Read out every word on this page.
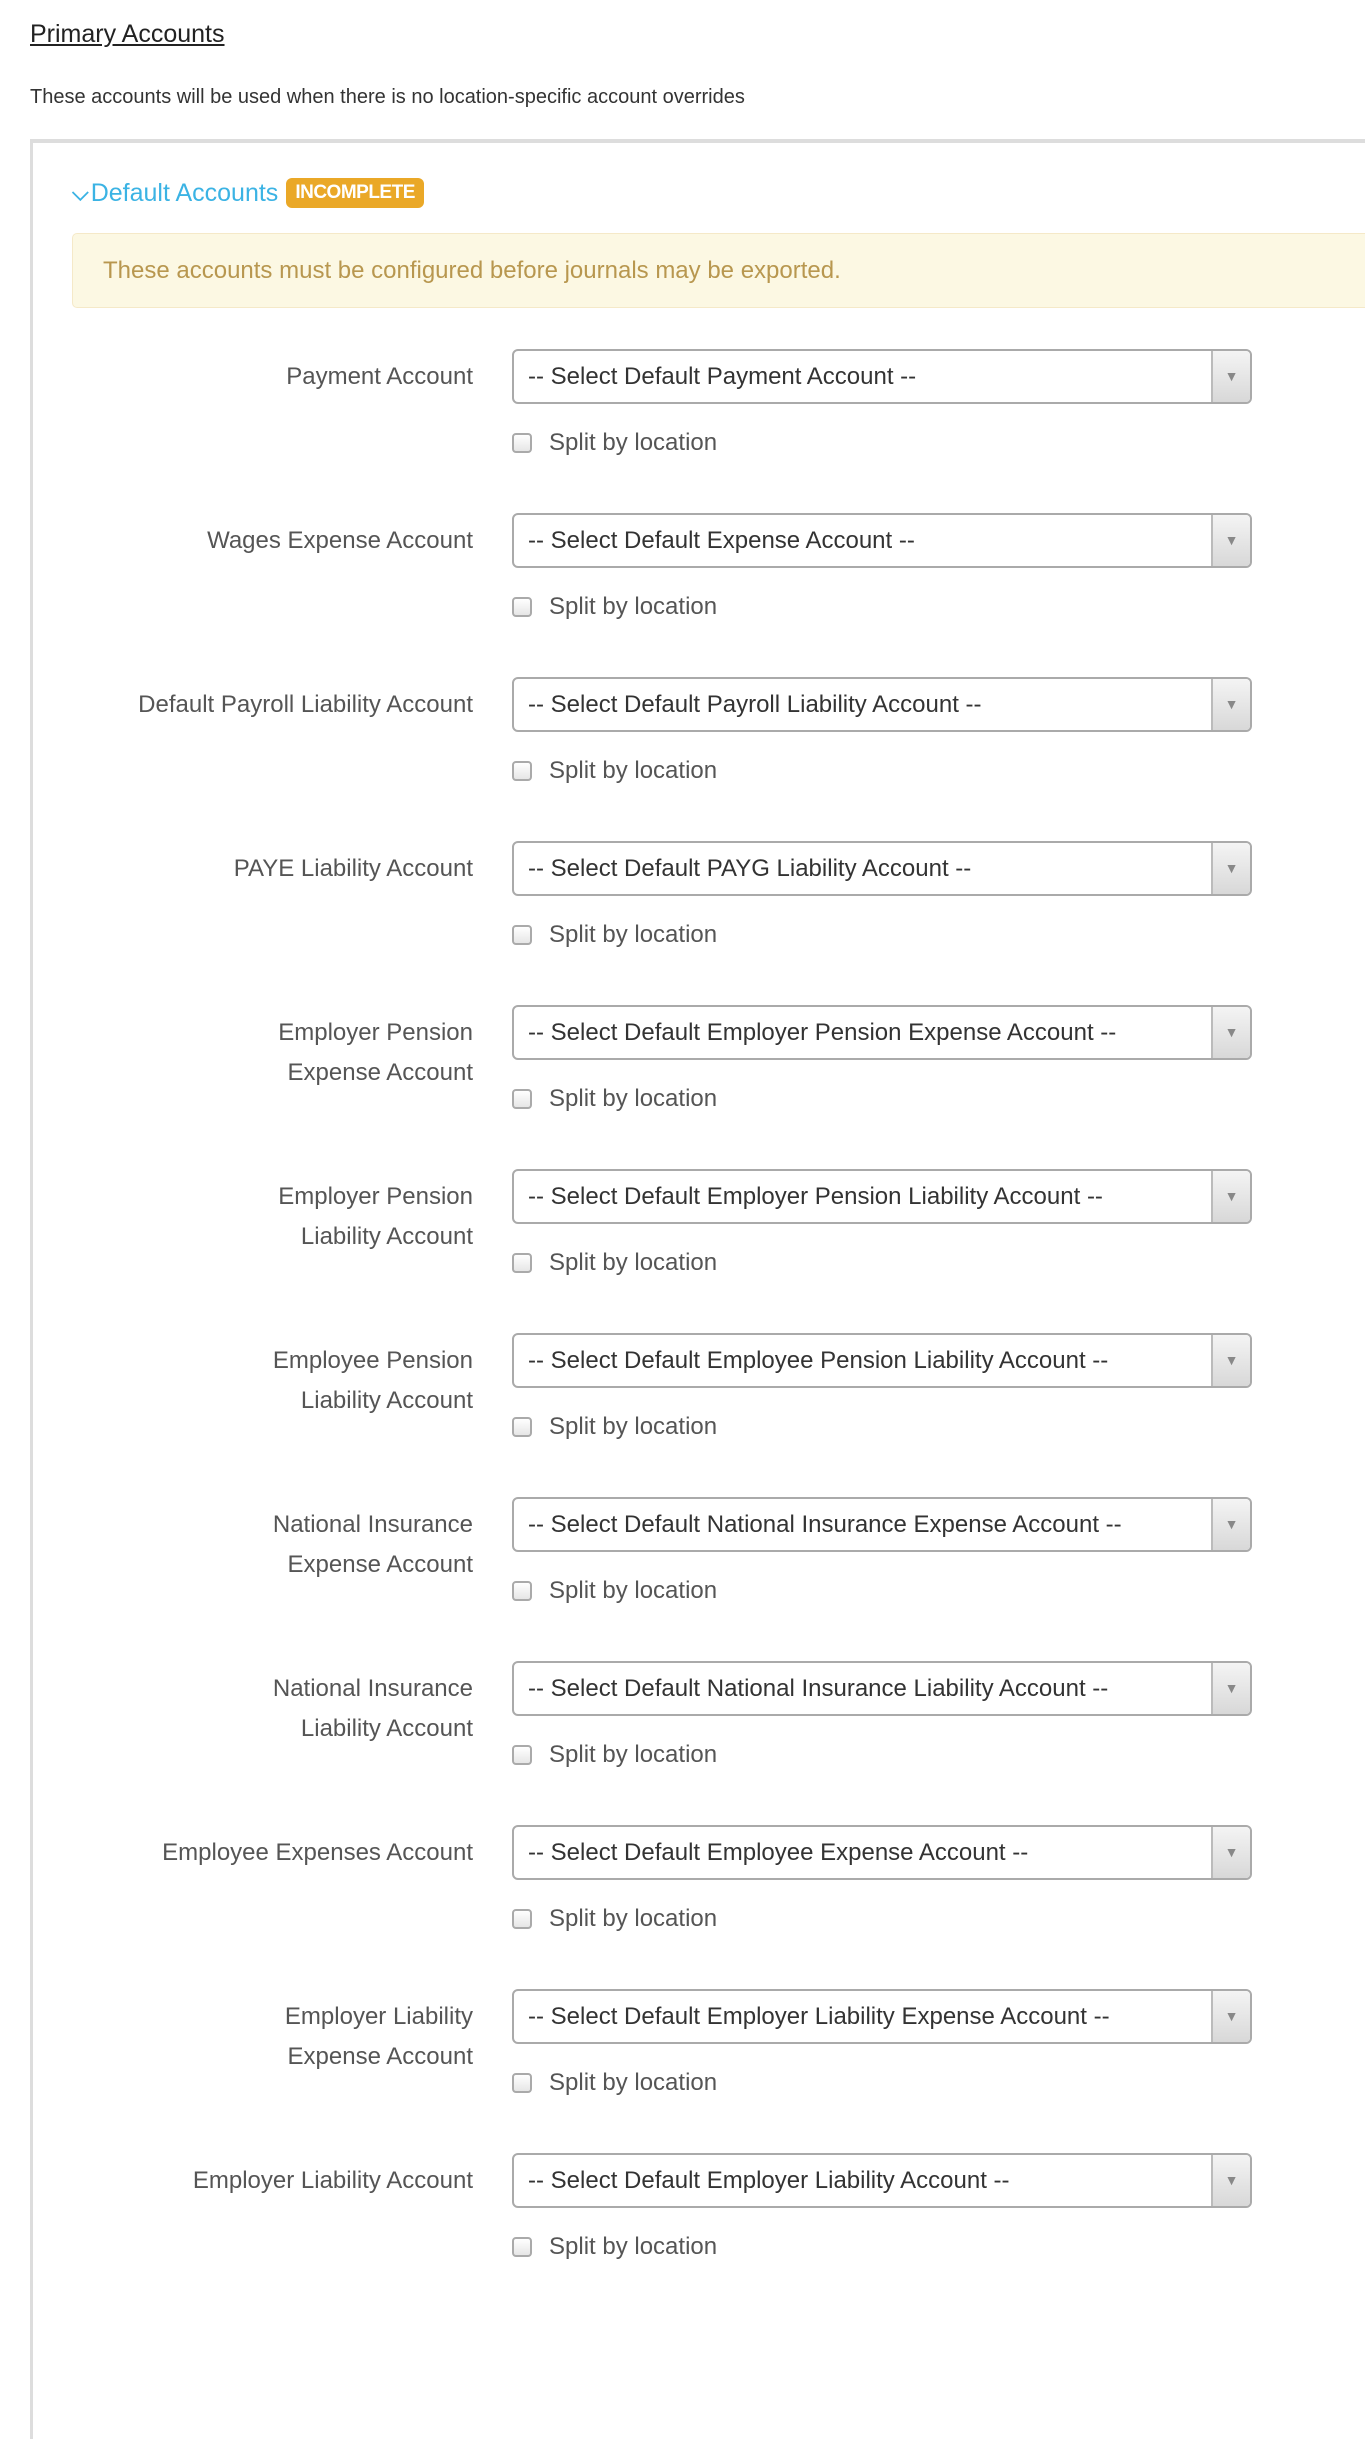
Primary Accounts
These accounts will be used when there is no location-specific account overrides
⌵ Default Accounts INCOMPLETE
These accounts must be configured before journals may be exported.
Payment Account -- Select Default Payment Account --	▼
Split by location
Wages Expense Account -- Select Default Expense Account --	▼
Split by location
Default Payroll Liability Account -- Select Default Payroll Liability Account --	▼
Split by location
PAYE Liability Account -- Select Default PAYG Liability Account --	▼
Split by location
Employer Pension Expense Account
-- Select Default Employer Pension Expense Account --	▼
Split by location
Employer Pension Liability Account
-- Select Default Employer Pension Liability Account --	▼
Split by location
Employee Pension Liability Account
-- Select Default Employee Pension Liability Account --	▼
Split by location
National Insurance Expense Account
-- Select Default National Insurance Expense Account --	▼
Split by location
National Insurance Liability Account
-- Select Default National Insurance Liability Account --	▼
Split by location
Employee Expenses Account -- Select Default Employee Expense Account --	▼
Split by location
Employer Liability Expense Account
-- Select Default Employer Liability Expense Account --	▼
Split by location
Employer Liability Account -- Select Default Employer Liability Account --	▼
Split by location
